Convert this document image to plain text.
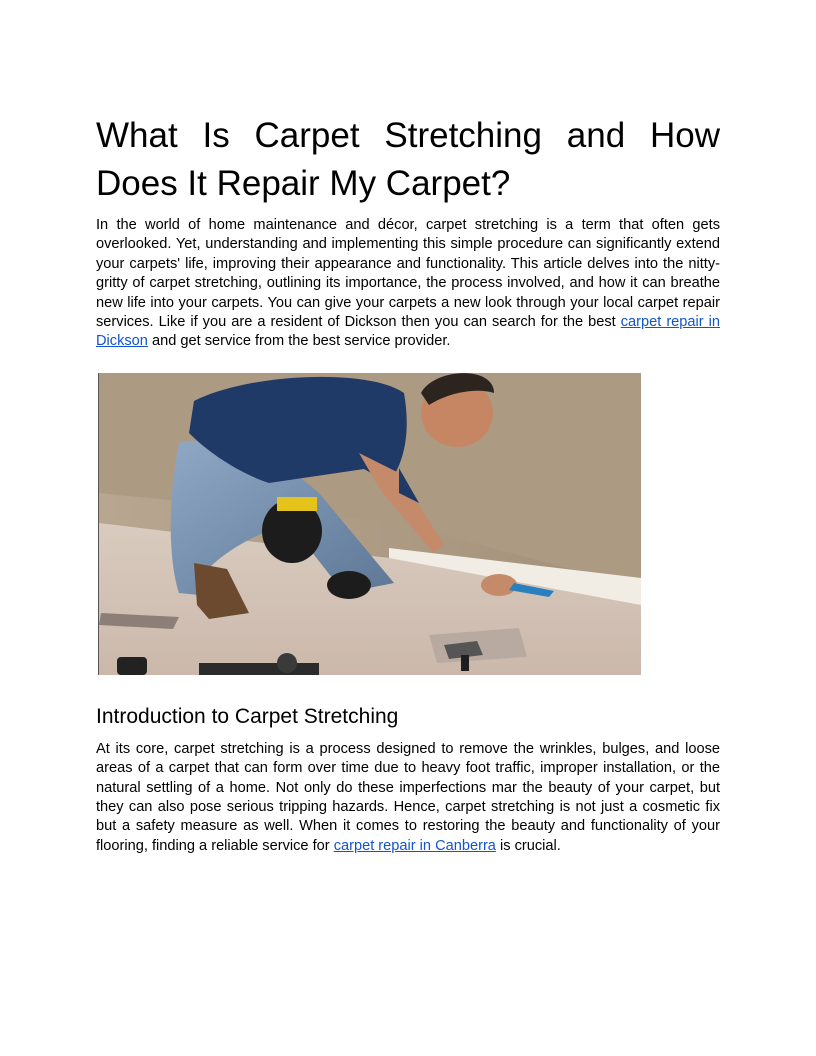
What Is Carpet Stretching and How Does It Repair My Carpet?

In the world of home maintenance and décor, carpet stretching is a term that often gets overlooked. Yet, understanding and implementing this simple procedure can significantly extend your carpets' life, improving their appearance and functionality. This article delves into the nitty-gritty of carpet stretching, outlining its importance, the process involved, and how it can breathe new life into your carpets. You can give your carpets a new look through your local carpet repair services. Like if you are a resident of Dickson then you can search for the best carpet repair in Dickson and get service from the best service provider.

Introduction to Carpet Stretching

At its core, carpet stretching is a process designed to remove the wrinkles, bulges, and loose areas of a carpet that can form over time due to heavy foot traffic, improper installation, or the natural settling of a home. Not only do these imperfections mar the beauty of your carpet, but they can also pose serious tripping hazards. Hence, carpet stretching is not just a cosmetic fix but a safety measure as well. When it comes to restoring the beauty and functionality of your flooring, finding a reliable service for carpet repair in Canberra is crucial.
